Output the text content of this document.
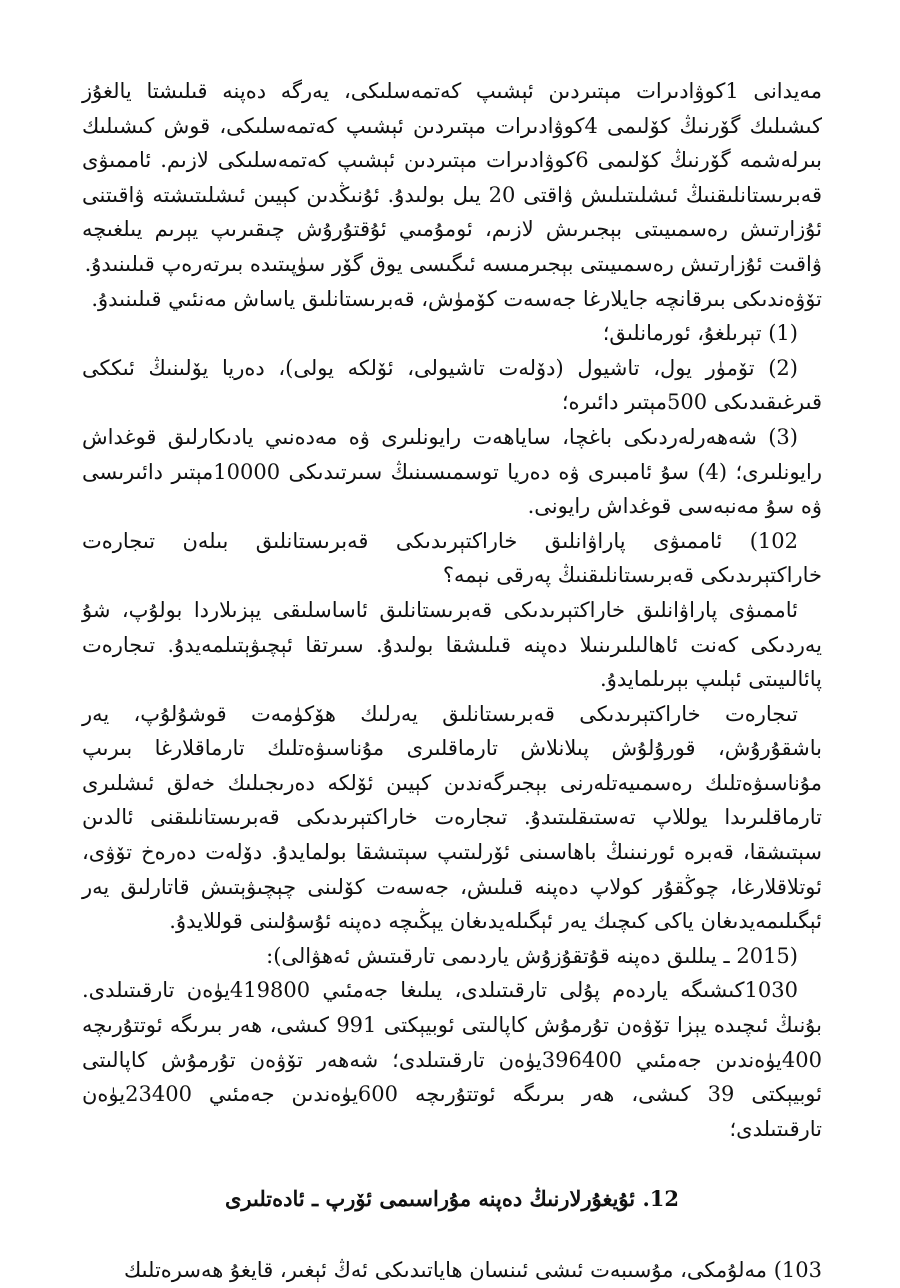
مەيدانى 1كوۋادىرات مېتىردىن ئېشىپ كەتمەسلىكى، يەرگە دەپنە قىلىشتا يالغۇز كىشىلىك گۆرنىڭ كۆلىمى 4كوۋادىرات مېتىردىن ئېشىپ كەتمەسلىكى، قوش كىشىلىك بىرلەشمە گۆرنىڭ كۆلىمى 6كوۋادىرات مېتىردىن ئېشىپ كەتمەسلىكى لازىم. ئاممىۋى قەبرىستانلىقنىڭ ئىشلىتىلىش ۋاقتى 20 يىل بولىدۇ. ئۇنىڭدىن كېيىن ئىشلىتىشتە ۋاقىتنى ئۇزارتىش رەسمىيىتى بېجىرىش لازىم، ئومۇمىي ئۇقتۇرۇش چىقىرىپ يېرىم يىلغىچە ۋاقىت ئۇزارتىش رەسمىيىتى بېجىرمىسە ئىگىسى يوق گۆر سۈپىتىدە بىرتەرەپ قىلىنىدۇ.

تۆۋەندىكى بىرقانچە جايلارغا جەسەت كۆمۈش، قەبرىستانلىق ياساش مەنئىي قىلىنىدۇ.

(1) تېرىلغۇ، ئورمانلىق؛

(2) تۆمۈر يول، تاشيول (دۆلەت تاشيولى، ئۆلكە يولى)، دەريا يۆلىنىڭ ئىككى قىرغىقىدىكى 500مېتىر دائىرە؛

(3) شەھەرلەردىكى باغچا، ساياھەت رايونلىرى ۋە مەدەنىي يادىكارلىق قوغداش رايونلىرى؛ (4) سۇ ئامبىرى ۋە دەريا توسمىسىنىڭ سىرتىدىكى 10000مېتىر دائىرىسى ۋە سۇ مەنبەسى قوغداش رايونى.

102) ئاممىۋى پاراۋانلىق خاراكتېرىدىكى قەبرىستانلىق بىلەن تىجارەت خاراكتېرىدىكى قەبرىستانلىقنىڭ پەرقى نېمە؟

ئاممىۋى پاراۋانلىق خاراكتېرىدىكى قەبرىستانلىق ئاساسلىقى يېزىلاردا بولۇپ، شۇ يەردىكى كەنت ئاھالىلىرىنىلا دەپنە قىلىشقا بولىدۇ. سىرتقا ئېچىۋېتىلمەيدۇ. تىجارەت پائالىيىتى ئېلىپ بېرىلمايدۇ.

تىجارەت خاراكتېرىدىكى قەبرىستانلىق يەرلىك ھۆكۈمەت قوشۇلۇپ، يەر باشقۇرۇش، قورۇلۇش پىلانلاش تارماقلىرى مۇناسىۋەتلىك تارماقلارغا بىرىپ مۇناسىۋەتلىك رەسمىيەتلەرنى بېجىرگەندىن كېيىن ئۆلكە دەرىجىلىك خەلق ئىشلىرى تارماقلىرىدا يوللاپ تەستىقلىتىدۇ. تىجارەت خاراكتېرىدىكى قەبرىستانلىقنى ئالدىن سېتىشقا، قەبرە ئورنىنىڭ باھاسىنى ئۆرلىتىپ سېتىشقا بولمايدۇ. دۆلەت دەرەخ تۆۋى، ئوتلاقلارغا، چوڭقۇر كولاپ دەپنە قىلىش، جەسەت كۆلىنى چېچىۋېتىش قاتارلىق يەر ئېگىلىمەيدىغان ياكى كىچىك يەر ئېگىلەيدىغان يېڭىچە دەپنە ئۇسۇلىنى قوللايدۇ.

(2015 ـ يىللىق دەپنە قۇتقۇزۇش ياردىمى تارقىتىش ئەھۋالى):

1030كىشىگە ياردەم پۇلى تارقىتىلدى، يىلىغا جەمئىي 419800يۈەن تارقىتىلدى. بۇنىڭ ئىچىدە يېزا تۆۋەن تۇرمۇش كاپالىتى ئوبيېكتى 991 كىشى، ھەر بىرىگە ئوتتۇرىچە 400يۈەندىن جەمئىي 396400يۈەن تارقىتىلدى؛ شەھەر تۆۋەن تۇرمۇش كاپالىتى ئوبيېكتى 39 كىشى، ھەر بىرىگە ئوتتۇرىچە 600يۈەندىن جەمئىي 23400يۈەن تارقىتىلدى؛

12. ئۇيغۇرلارنىڭ دەپنە مۇراسىمى ئۆرپ ـ ئادەتلىرى

103) مەلۇمكى، مۇسىبەت ئىشى ئىنسان ھاياتىدىكى ئەڭ ئېغىر، قايغۇ ھەسرەتلىك
